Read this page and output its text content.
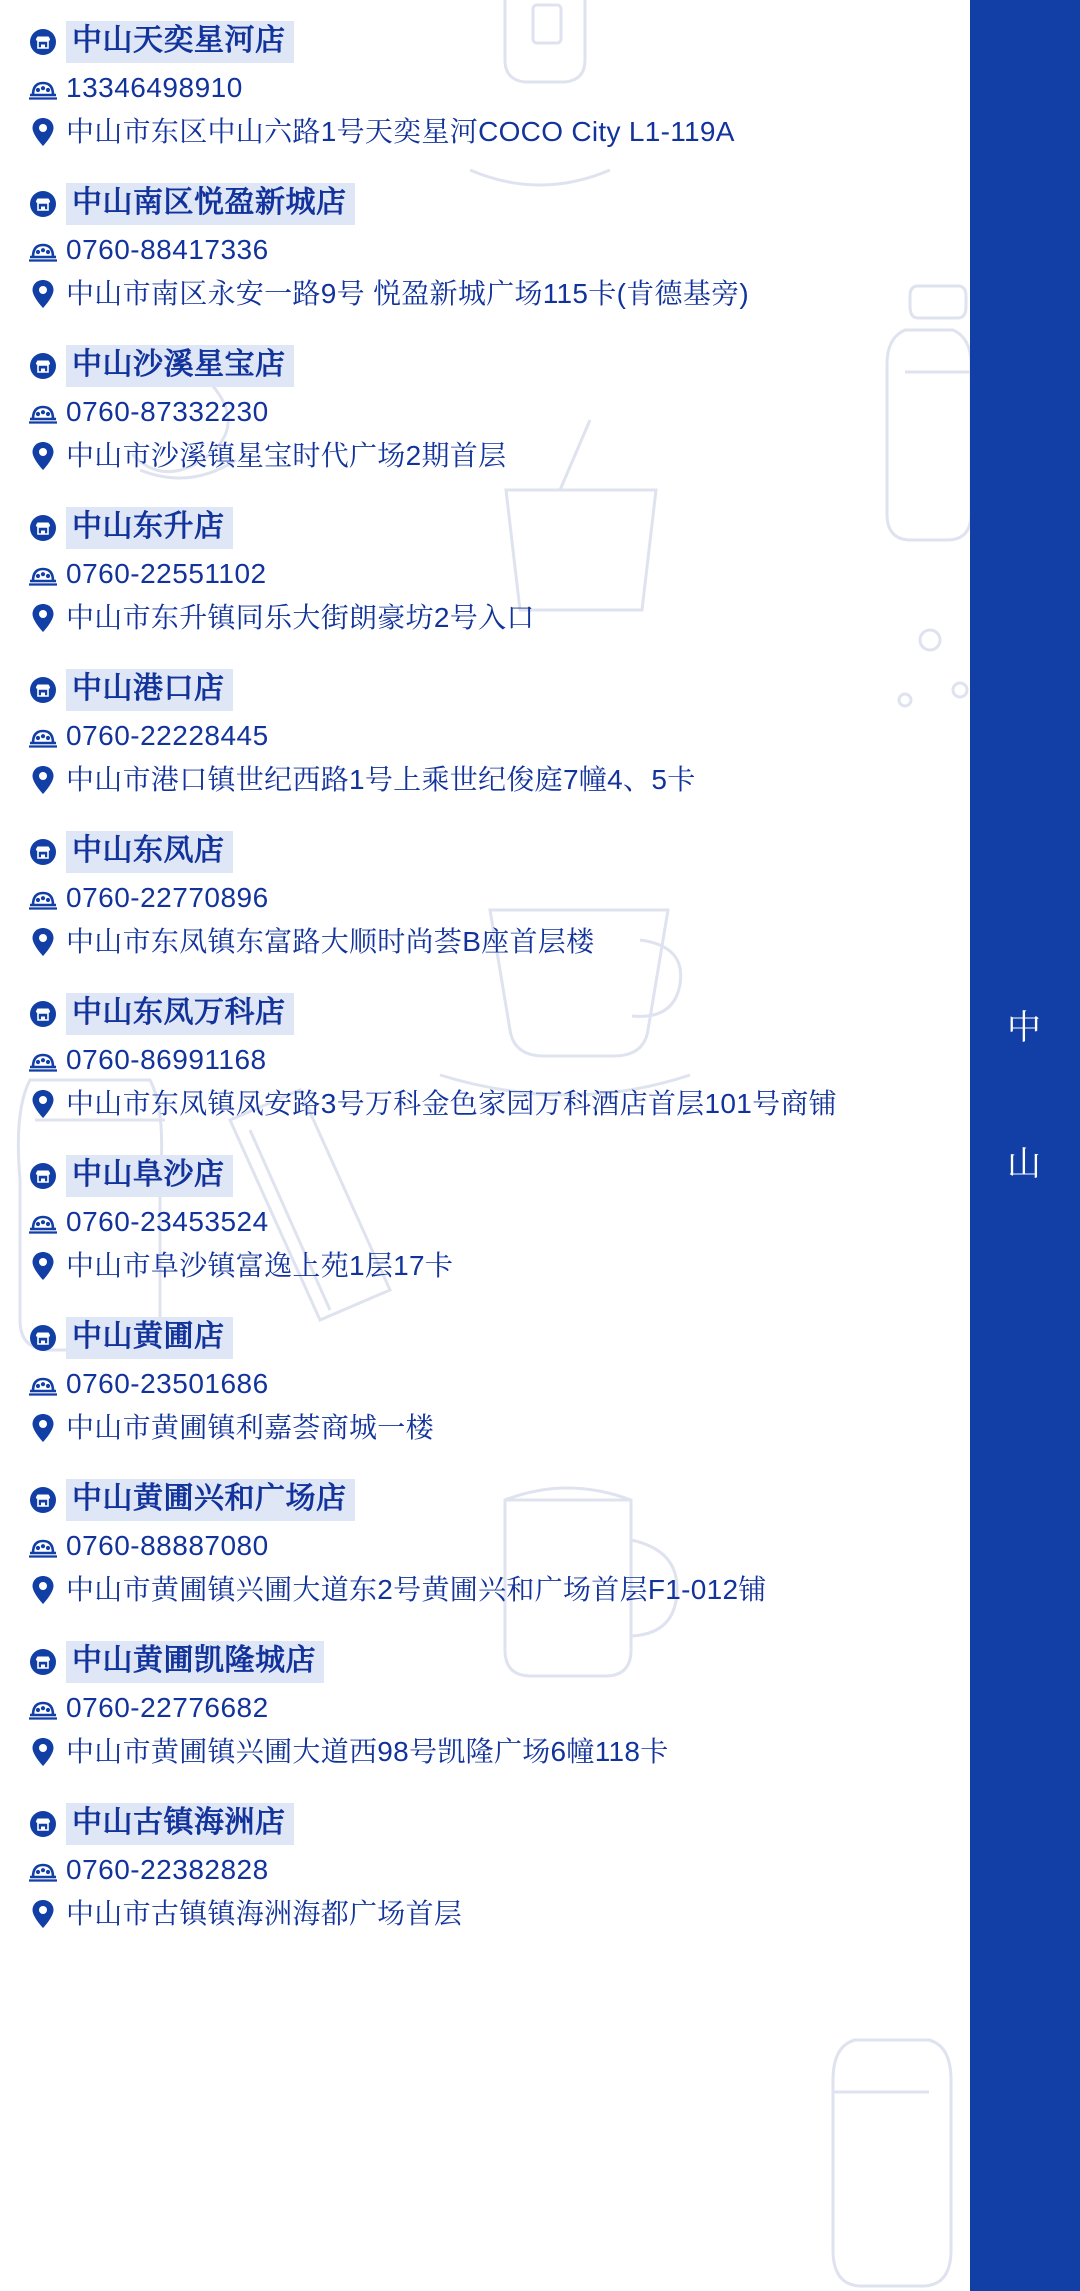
中
山
中山天奕星河店
13346498910
中山市东区中山六路1号天奕星河COCO City L1-119A
中山南区悦盈新城店
0760-88417336
中山市南区永安一路9号 悦盈新城广场115卡(肯德基旁)
中山沙溪星宝店
0760-87332230
中山市沙溪镇星宝时代广场2期首层
中山东升店
0760-22551102
中山市东升镇同乐大街朗豪坊2号入口
中山港口店
0760-22228445
中山市港口镇世纪西路1号上乘世纪俊庭7幢4、5卡
中山东凤店
0760-22770896
中山市东凤镇东富路大顺时尚荟B座首层楼
中山东凤万科店
0760-86991168
中山市东凤镇凤安路3号万科金色家园万科酒店首层101号商铺
中山阜沙店
0760-23453524
中山市阜沙镇富逸上苑1层17卡
中山黄圃店
0760-23501686
中山市黄圃镇利嘉荟商城一楼
中山黄圃兴和广场店
0760-88887080
中山市黄圃镇兴圃大道东2号黄圃兴和广场首层F1-012铺
中山黄圃凯隆城店
0760-22776682
中山市黄圃镇兴圃大道西98号凯隆广场6幢118卡
中山古镇海洲店
0760-22382828
中山市古镇镇海洲海都广场首层
